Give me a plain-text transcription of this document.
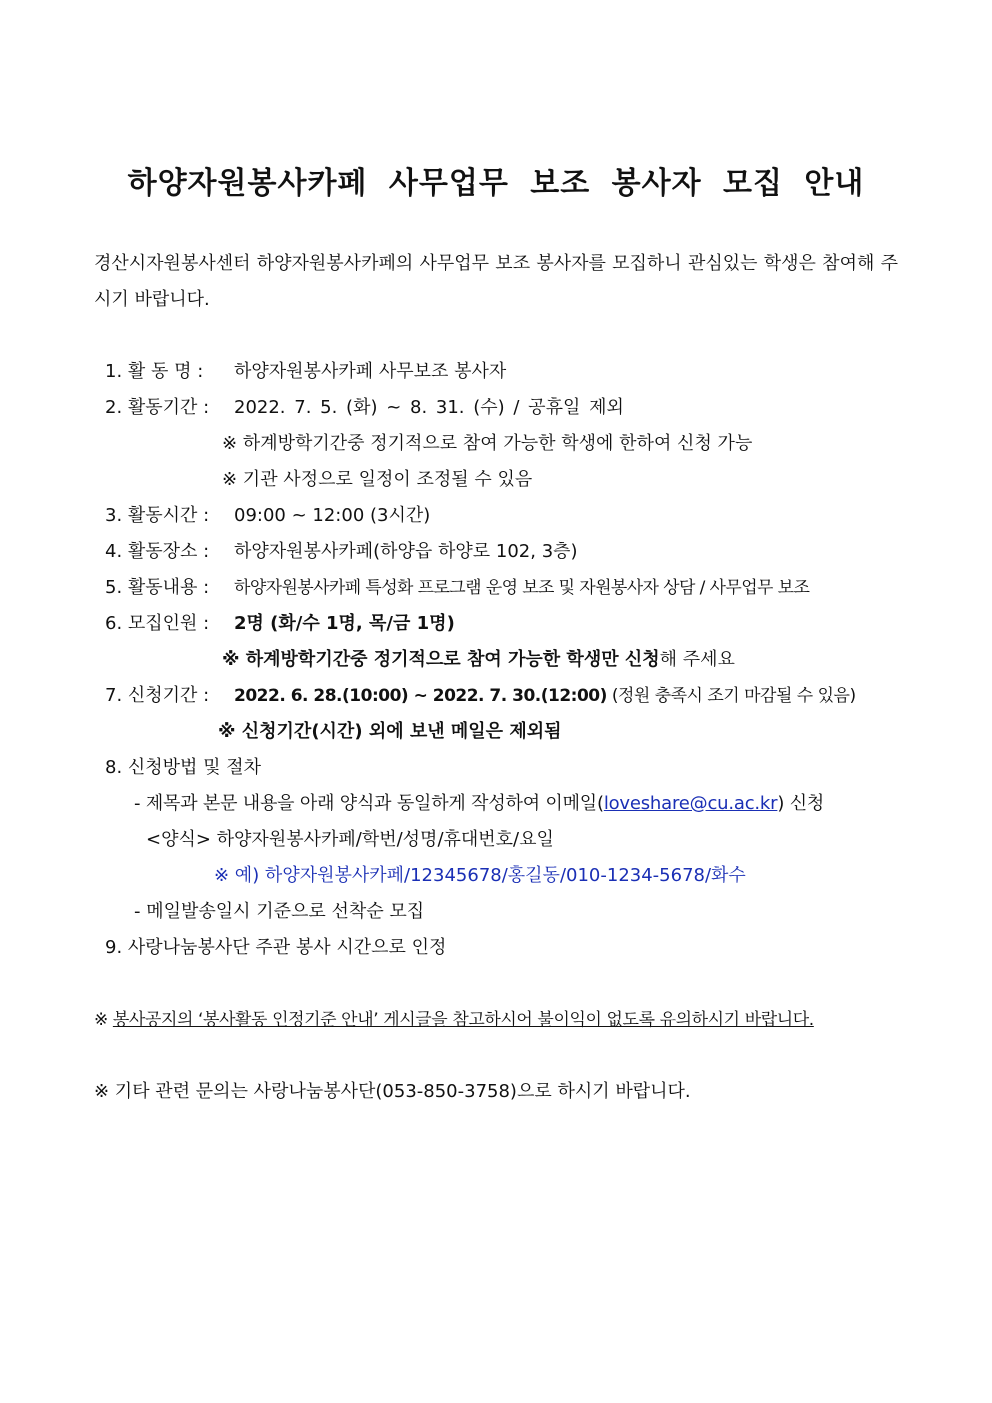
하양자원봉사카페 사무업무 보조 봉사자 모집 안내

경산시자원봉사센터 하양자원봉사카페의 사무업무 보조 봉사자를 모집하니 관심있는 학생은 참여해 주시기 바랍니다.

1. 활 동 명 : 하양자원봉사카페 사무보조 봉사자
2. 활동기간 : 2022. 7. 5. (화) ~ 8. 31. (수) / 공휴일 제외
※ 하계방학기간중 정기적으로 참여 가능한 학생에 한하여 신청 가능
※ 기관 사정으로 일정이 조정될 수 있음
3. 활동시간 : 09:00 ~ 12:00 (3시간)
4. 활동장소 : 하양자원봉사카페(하양읍 하양로 102, 3층)
5. 활동내용 : 하양자원봉사카페 특성화 프로그램 운영 보조 및 자원봉사자 상담 / 사무업무 보조
6. 모집인원 : 2명 (화/수 1명, 목/금 1명)
※ 하계방학기간중 정기적으로 참여 가능한 학생만 신청해 주세요
7. 신청기간 : 2022. 6. 28.(10:00) ~ 2022. 7. 30.(12:00) (정원 충족시 조기 마감될 수 있음)
※ 신청기간(시간) 외에 보낸 메일은 제외됨
8. 신청방법 및 절차
- 제목과 본문 내용을 아래 양식과 동일하게 작성하여 이메일(loveshare@cu.ac.kr) 신청
<양식> 하양자원봉사카페/학번/성명/휴대번호/요일
※ 예) 하양자원봉사카페/12345678/홍길동/010-1234-5678/화수
- 메일발송일시 기준으로 선착순 모집
9. 사랑나눔봉사단 주관 봉사 시간으로 인정
※ 봉사공지의 ‘봉사활동 인정기준 안내’ 게시글을 참고하시어 불이익이 없도록 유의하시기 바랍니다.
※ 기타 관련 문의는 사랑나눔봉사단(053-850-3758)으로 하시기 바랍니다.
